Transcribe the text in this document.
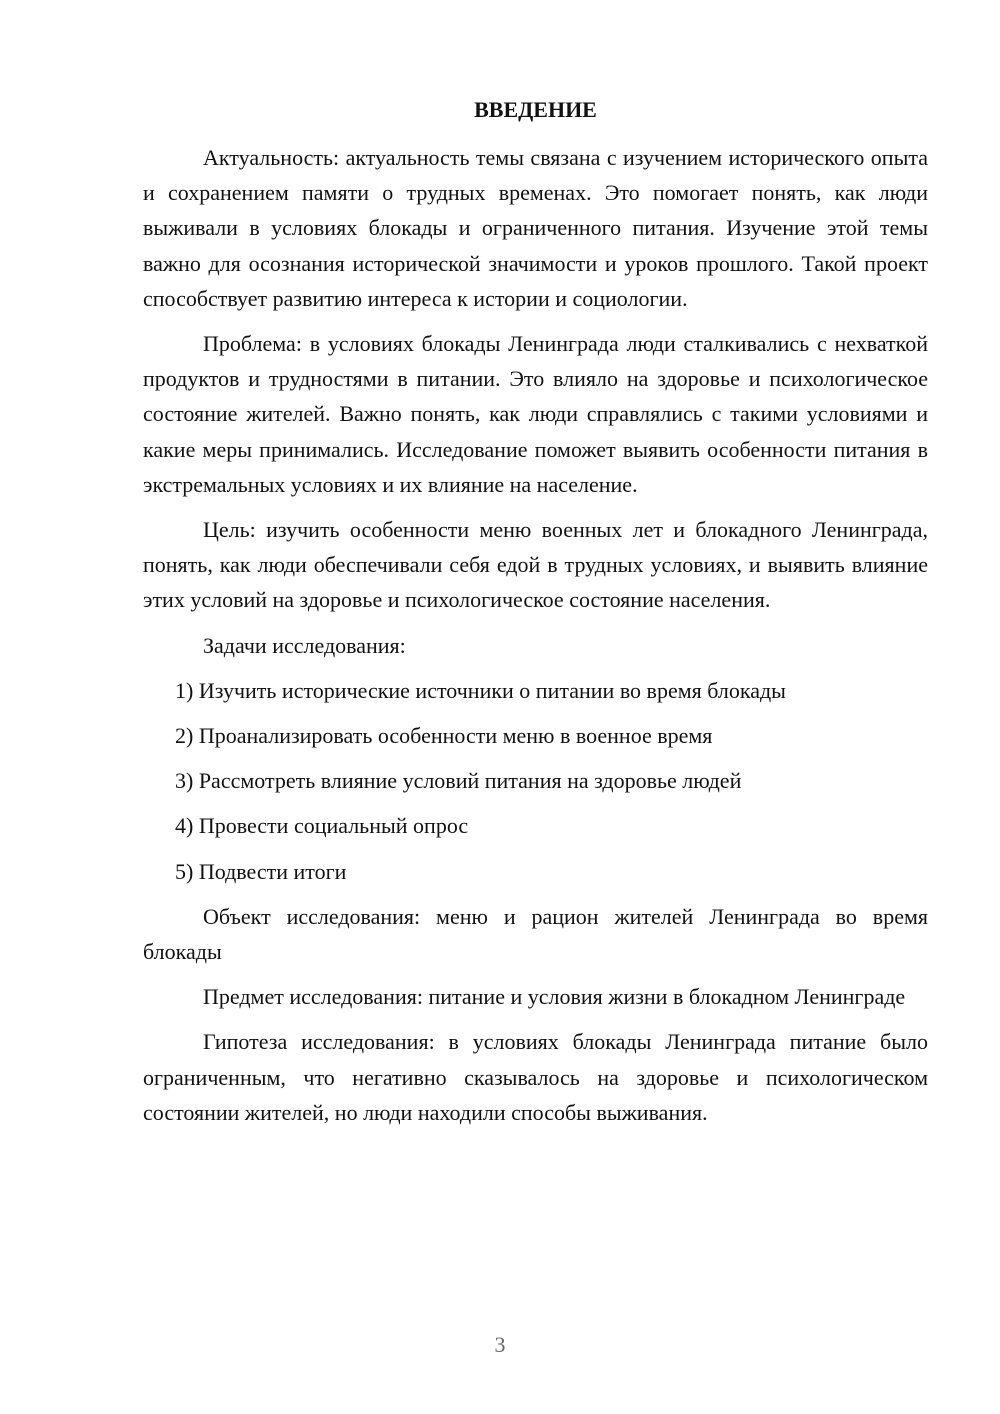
ВВЕДЕНИЕ

Актуальность: актуальность темы связана с изучением исторического опыта и сохранением памяти о трудных временах. Это помогает понять, как люди выживали в условиях блокады и ограниченного питания. Изучение этой темы важно для осознания исторической значимости и уроков прошлого. Такой проект способствует развитию интереса к истории и социологии.

Проблема: в условиях блокады Ленинграда люди сталкивались с нехваткой продуктов и трудностями в питании. Это влияло на здоровье и психологическое состояние жителей. Важно понять, как люди справлялись с такими условиями и какие меры принимались. Исследование поможет выявить особенности питания в экстремальных условиях и их влияние на население.

Цель: изучить особенности меню военных лет и блокадного Ленинграда, понять, как люди обеспечивали себя едой в трудных условиях, и выявить влияние этих условий на здоровье и психологическое состояние населения.

Задачи исследования:

1) Изучить исторические источники о питании во время блокады

2) Проанализировать особенности меню в военное время

3) Рассмотреть влияние условий питания на здоровье людей

4) Провести социальный опрос

5) Подвести итоги

Объект исследования: меню и рацион жителей Ленинграда во время блокады

Предмет исследования: питание и условия жизни в блокадном Ленинграде

Гипотеза исследования: в условиях блокады Ленинграда питание было ограниченным, что негативно сказывалось на здоровье и психологическом состоянии жителей, но люди находили способы выживания.

3
